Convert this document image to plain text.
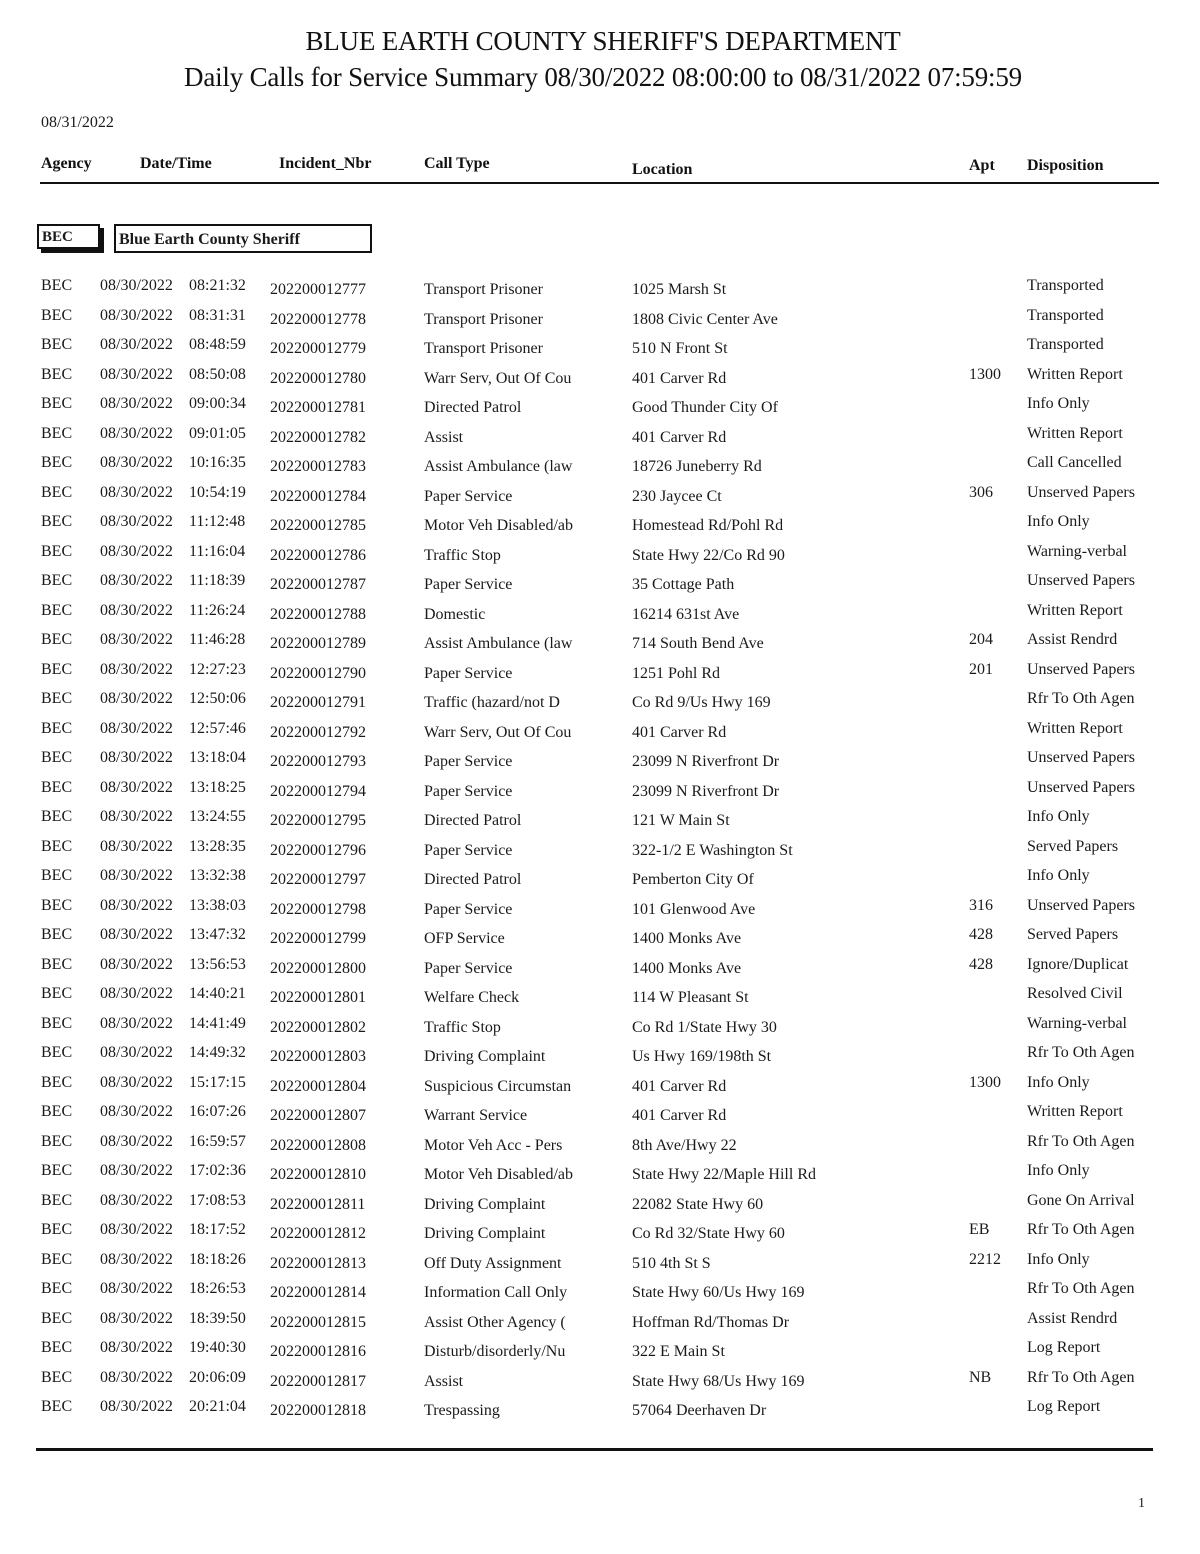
BLUE EARTH COUNTY SHERIFF'S DEPARTMENT
Daily Calls for Service Summary 08/30/2022 08:00:00 to 08/31/2022 07:59:59
08/31/2022
Agency	Date/Time	Incident_Nbr	Call Type	Location	Apt Disposition
BEC	Blue Earth County Sheriff
BEC 08/30/2022 08:21:32 202200012777	Transport Prisoner	1025 Marsh St	Transported
BEC 08/30/2022 08:31:31 202200012778	Transport Prisoner	1808 Civic Center Ave	Transported
BEC 08/30/2022 08:48:59 202200012779	Transport Prisoner	510 N Front St	Transported
BEC 08/30/2022 08:50:08 202200012780	Warr Serv, Out Of Cou	401 Carver Rd	1300 Written Report
BEC 08/30/2022 09:00:34 202200012781	Directed Patrol	Good Thunder City Of	Info Only
BEC 08/30/2022 09:01:05 202200012782	Assist	401 Carver Rd	Written Report
BEC 08/30/2022 10:16:35 202200012783	Assist Ambulance (law	18726 Juneberry Rd	Call Cancelled
BEC 08/30/2022 10:54:19 202200012784	Paper Service	230 Jaycee Ct	306 Unserved Papers
BEC 08/30/2022 11:12:48 202200012785	Motor Veh Disabled/ab	Homestead Rd/Pohl Rd	Info Only
BEC 08/30/2022 11:16:04 202200012786	Traffic Stop	State Hwy 22/Co Rd 90	Warning-verbal
BEC 08/30/2022 11:18:39 202200012787	Paper Service	35 Cottage Path	Unserved Papers
BEC 08/30/2022 11:26:24 202200012788	Domestic	16214 631st Ave	Written Report
BEC 08/30/2022 11:46:28 202200012789	Assist Ambulance (law	714 South Bend Ave	204 Assist Rendrd
BEC 08/30/2022 12:27:23 202200012790	Paper Service	1251 Pohl Rd	201 Unserved Papers
BEC 08/30/2022 12:50:06 202200012791	Traffic (hazard/not D	Co Rd 9/Us Hwy 169	Rfr To Oth Agen
BEC 08/30/2022 12:57:46 202200012792	Warr Serv, Out Of Cou	401 Carver Rd	Written Report
BEC 08/30/2022 13:18:04 202200012793	Paper Service	23099 N Riverfront Dr	Unserved Papers
BEC 08/30/2022 13:18:25 202200012794	Paper Service	23099 N Riverfront Dr	Unserved Papers
BEC 08/30/2022 13:24:55 202200012795	Directed Patrol	121 W Main St	Info Only
BEC 08/30/2022 13:28:35 202200012796	Paper Service	322-1/2 E Washington St	Served Papers
BEC 08/30/2022 13:32:38 202200012797	Directed Patrol	Pemberton City Of	Info Only
BEC 08/30/2022 13:38:03 202200012798	Paper Service	101 Glenwood Ave	316 Unserved Papers
BEC 08/30/2022 13:47:32 202200012799	OFP Service	1400 Monks Ave	428 Served Papers
BEC 08/30/2022 13:56:53 202200012800	Paper Service	1400 Monks Ave	428 Ignore/Duplicat
BEC 08/30/2022 14:40:21 202200012801	Welfare Check	114 W Pleasant St	Resolved Civil
BEC 08/30/2022 14:41:49 202200012802	Traffic Stop	Co Rd 1/State Hwy 30	Warning-verbal
BEC 08/30/2022 14:49:32 202200012803	Driving Complaint	Us Hwy 169/198th St	Rfr To Oth Agen
BEC 08/30/2022 15:17:15 202200012804	Suspicious Circumstan	401 Carver Rd	1300 Info Only
BEC 08/30/2022 16:07:26 202200012807	Warrant Service	401 Carver Rd	Written Report
BEC 08/30/2022 16:59:57 202200012808	Motor Veh Acc - Pers	8th Ave/Hwy 22	Rfr To Oth Agen
BEC 08/30/2022 17:02:36 202200012810	Motor Veh Disabled/ab	State Hwy 22/Maple Hill Rd	Info Only
BEC 08/30/2022 17:08:53 202200012811	Driving Complaint	22082 State Hwy 60	Gone On Arrival
BEC 08/30/2022 18:17:52 202200012812	Driving Complaint	Co Rd 32/State Hwy 60	EB Rfr To Oth Agen
BEC 08/30/2022 18:18:26 202200012813	Off Duty Assignment	510 4th St S	2212 Info Only
BEC 08/30/2022 18:26:53 202200012814	Information Call Only	State Hwy 60/Us Hwy 169	Rfr To Oth Agen
BEC 08/30/2022 18:39:50 202200012815	Assist Other Agency (	Hoffman Rd/Thomas Dr	Assist Rendrd
BEC 08/30/2022 19:40:30 202200012816	Disturb/disorderly/Nu	322 E Main St	Log Report
BEC 08/30/2022 20:06:09 202200012817	Assist	State Hwy 68/Us Hwy 169	NB Rfr To Oth Agen
BEC 08/30/2022 20:21:04 202200012818	Trespassing	57064 Deerhaven Dr	Log Report
1
